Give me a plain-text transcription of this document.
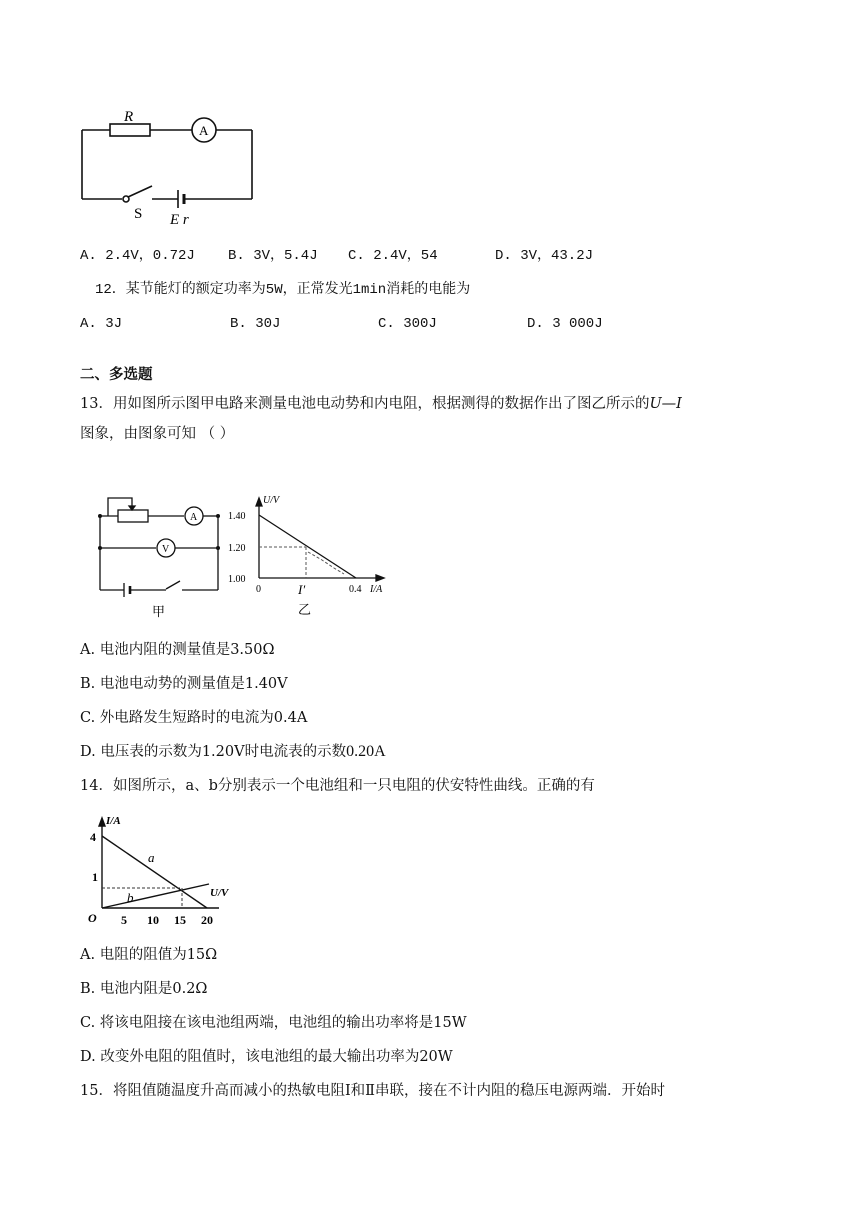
R
A
S E r
A. 2.4V，0.72J B. 3V，5.4J C. 2.4V，54	D. 3V，43.2J
12．某节能灯的额定功率为5W，正常发光1min消耗的电能为
A. 3J	B. 30J	C. 300J	D. 3 000J
二、多选题
13．用如图所示图甲电路来测量电池电动势和内电阻，根据测得的数据作出了图乙所示的U—I
图象，由图象可知 （ ）
A
V
甲
U/V
1.40
1.20
1.00
0	I′	0.4 I/A
乙
A. 电池内阻的测量值是3.50Ω
B. 电池电动势的测量值是1.40V
C. 外电路发生短路时的电流为0.4A
D. 电压表的示数为1.20V时电流表的示数0.20A
14．如图所示，a、b分别表示一个电池组和一只电阻的伏安特性曲线。正确的有
I/A
4
1
O 5 10 15 20
U/V
a
b
A. 电阻的阻值为15Ω
B. 电池内阻是0.2Ω
C. 将该电阻接在该电池组两端，电池组的输出功率将是15W
D. 改变外电阻的阻值时，该电池组的最大输出功率为20W
15．将阻值随温度升高而减小的热敏电阻Ⅰ和Ⅱ串联，接在不计内阻的稳压电源两端．开始时
